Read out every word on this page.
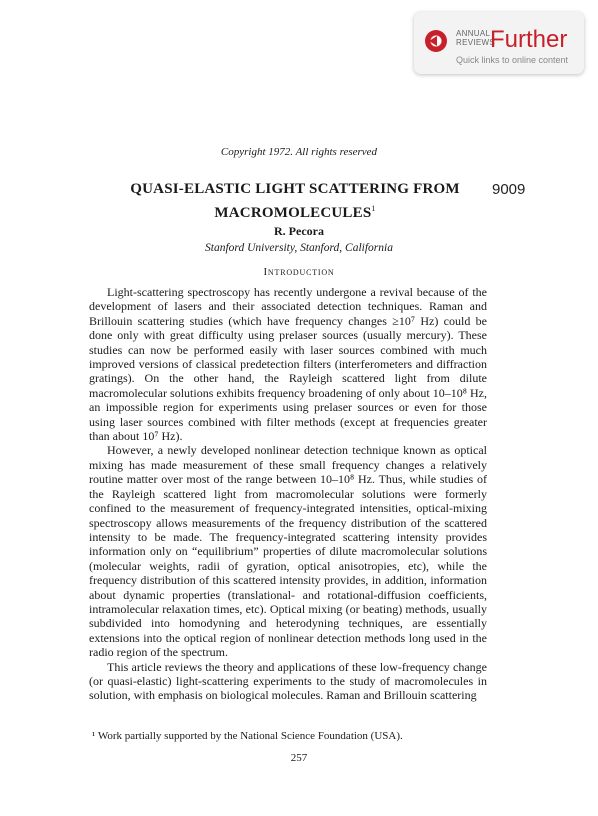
ANNUAL
REVIEWS
Further
Quick links to online content
Copyright 1972. All rights reserved
QUASI-ELASTIC LIGHT SCATTERING FROM
MACROMOLECULES$^1$
9009
R. Pecora
Stanford University, Stanford, California
Introduction

Light-scattering spectroscopy has recently undergone a revival because of the development of lasers and their associated detection techniques. Raman and Brillouin scattering studies (which have frequency changes ≥10⁷ Hz) could be done only with great difficulty using prelaser sources (usually mercury). These studies can now be performed easily with laser sources combined with much improved versions of classical predetection filters (interferometers and diffraction gratings). On the other hand, the Rayleigh scattered light from dilute macromolecular solutions exhibits frequency broadening of only about 10–10⁸ Hz, an impossible region for experiments using prelaser sources or even for those using laser sources combined with filter methods (except at frequencies greater than about 10⁷ Hz).

However, a newly developed nonlinear detection technique known as optical mixing has made measurement of these small frequency changes a relatively routine matter over most of the range between 10–10⁸ Hz. Thus, while studies of the Rayleigh scattered light from macromolecular solutions were formerly confined to the measurement of frequency-integrated intensities, optical-mixing spectroscopy allows measurements of the frequency distribution of the scattered intensity to be made. The frequency-integrated scattering intensity provides information only on “equilibrium” properties of dilute macromolecular solutions (molecular weights, radii of gyration, optical anisotropies, etc), while the frequency distribution of this scattered intensity provides, in addition, information about dynamic properties (translational- and rotational-diffusion coefficients, intramolecular relaxation times, etc). Optical mixing (or beating) methods, usually subdivided into homodyning and heterodyning techniques, are essentially extensions into the optical region of nonlinear detection methods long used in the radio region of the spectrum.

This article reviews the theory and applications of these low-frequency change (or quasi-elastic) light-scattering experiments to the study of macromolecules in solution, with emphasis on biological molecules. Raman and Brillouin scattering

¹ Work partially supported by the National Science Foundation (USA).
257
